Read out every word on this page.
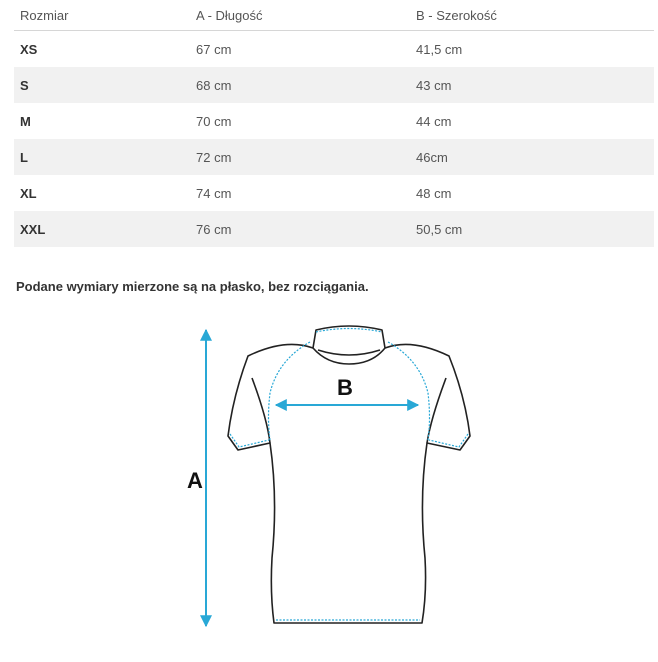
Rozmiar	A - Długość	B - Szerokość
XS	67 cm	41,5 cm
S	68 cm	43 cm
M	70 cm	44 cm
L	72 cm	46cm
XL	74 cm	48 cm
XXL	76 cm	50,5 cm

Podane wymiary mierzone są na płasko, bez rozciągania.

A
B
